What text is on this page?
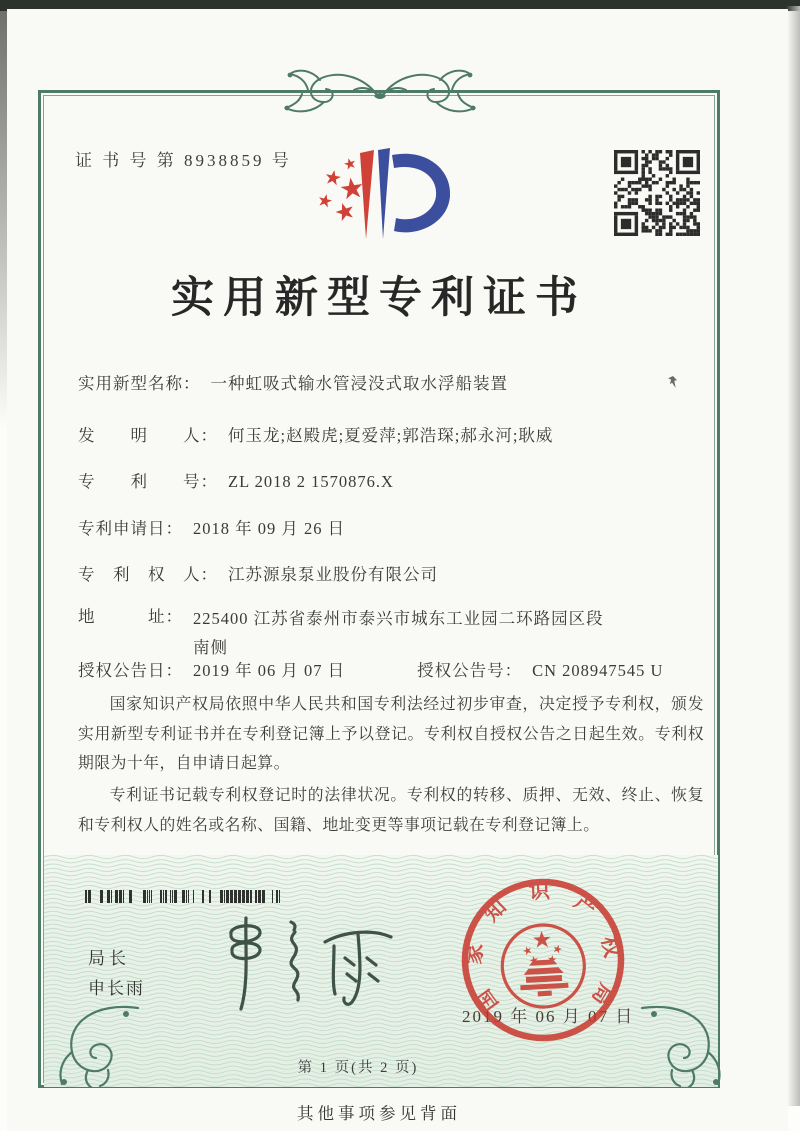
证 书 号 第 8938859 号
实用新型专利证书
实用新型名称： 一种虹吸式输水管浸没式取水浮船装置
发　　明　　人： 何玉龙;赵殿虎;夏爱萍;郭浩琛;郝永河;耿威
专　　利　　号： ZL 2018 2 1570876.X
专利申请日： 2018 年 09 月 26 日
专　利　权　人： 江苏源泉泵业股份有限公司
地　　　址： 225400 江苏省泰州市泰兴市城东工业园二环路园区段南侧
授权公告日： 2019 年 06 月 07 日	授权公告号： CN 208947545 U

国家知识产权局依照中华人民共和国专利法经过初步审查，决定授予专利权，颁发实用新型专利证书并在专利登记簿上予以登记。专利权自授权公告之日起生效。专利权期限为十年，自申请日起算。

专利证书记载专利权登记时的法律状况。专利权的转移、质押、无效、终止、恢复和专利权人的姓名或名称、国籍、地址变更等事项记载在专利登记簿上。

局长
申长雨
2019 年 06 月 07 日
国
家
知
识 产
权
局
第 1 页(共 2 页)
其他事项参见背面
